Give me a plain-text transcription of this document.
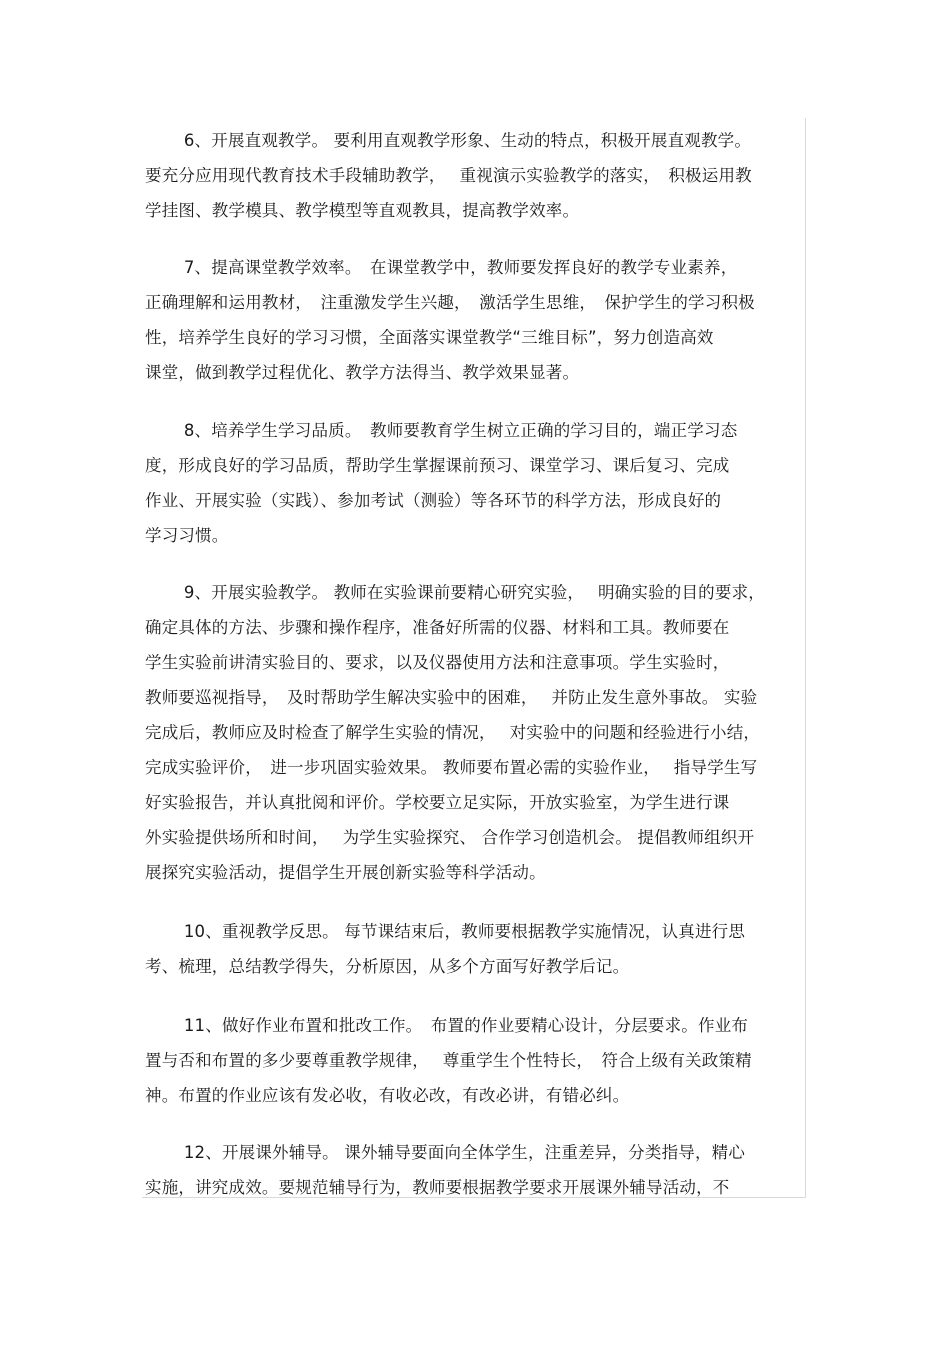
　　 6、开展直观教学。 要利用直观教学形象、生动的特点，积极开展直观教学。
要充分应用现代教育技术手段辅助教学，　 重视演示实验教学的落实，　积极运用教
学挂图、教学模具、教学模型等直观教具，提高教学效率。
　　 7、提高课堂教学效率。　在课堂教学中，教师要发挥良好的教学专业素养，
正确理解和运用教材，　注重激发学生兴趣，　激活学生思维，　保护学生的学习积极
性，培养学生良好的学习习惯，全面落实课堂教学“三维目标”，努力创造高效
课堂，做到教学过程优化、教学方法得当、教学效果显著。
　　 8、培养学生学习品质。　教师要教育学生树立正确的学习目的，端正学习态
度，形成良好的学习品质，帮助学生掌握课前预习、课堂学习、课后复习、完成
作业、开展实验（实践）、参加考试（测验）等各环节的科学方法，形成良好的
学习习惯。
　　 9、开展实验教学。 教师在实验课前要精心研究实验，　 明确实验的目的要求，
确定具体的方法、步骤和操作程序，准备好所需的仪器、材料和工具。教师要在
学生实验前讲清实验目的、要求，以及仪器使用方法和注意事项。学生实验时，
教师要巡视指导，　及时帮助学生解决实验中的困难，　 并防止发生意外事故。 实验
完成后，教师应及时检查了解学生实验的情况，　 对实验中的问题和经验进行小结，
完成实验评价，　进一步巩固实验效果。 教师要布置必需的实验作业，　 指导学生写
好实验报告，并认真批阅和评价。学校要立足实际，开放实验室，为学生进行课
外实验提供场所和时间，　 为学生实验探究、 合作学习创造机会。 提倡教师组织开
展探究实验活动，提倡学生开展创新实验等科学活动。
　　 10、重视教学反思。 每节课结束后，教师要根据教学实施情况，认真进行思
考、梳理，总结教学得失，分析原因，从多个方面写好教学后记。
　　 11、做好作业布置和批改工作。　布置的作业要精心设计，分层要求。作业布
置与否和布置的多少要尊重教学规律，　 尊重学生个性特长，　符合上级有关政策精
神。布置的作业应该有发必收，有收必改，有改必讲，有错必纠。
　　 12、开展课外辅导。 课外辅导要面向全体学生，注重差异，分类指导，精心
实施，讲究成效。要规范辅导行为，教师要根据教学要求开展课外辅导活动，不
